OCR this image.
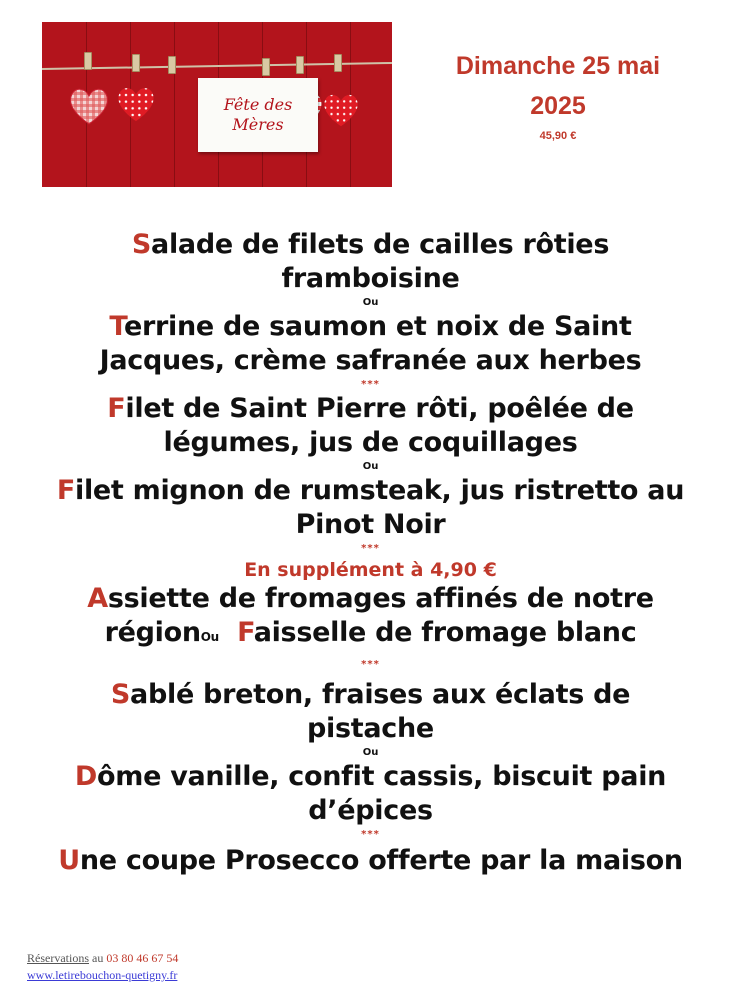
Fête des
Mères
Dimanche 25 mai
2025
45,90 €

Salade de filets de cailles rôties

framboisine

Ou

Terrine de saumon et noix de Saint

Jacques, crème safranée aux herbes

***

Filet de Saint Pierre rôti, poêlée de

légumes, jus de coquillages

Ou

Filet mignon de rumsteak, jus ristretto au

Pinot Noir

***

En supplément à 4,90 €

Assiette de fromages affinés de notre

régionOu Faisselle de fromage blanc

***

Sablé breton, fraises aux éclats de

pistache

Ou

Dôme vanille, confit cassis, biscuit pain

d’épices

***

Une coupe Prosecco offerte par la maison

Réservations au 03 80 46 67 54
www.letirebouchon-quetigny.fr
